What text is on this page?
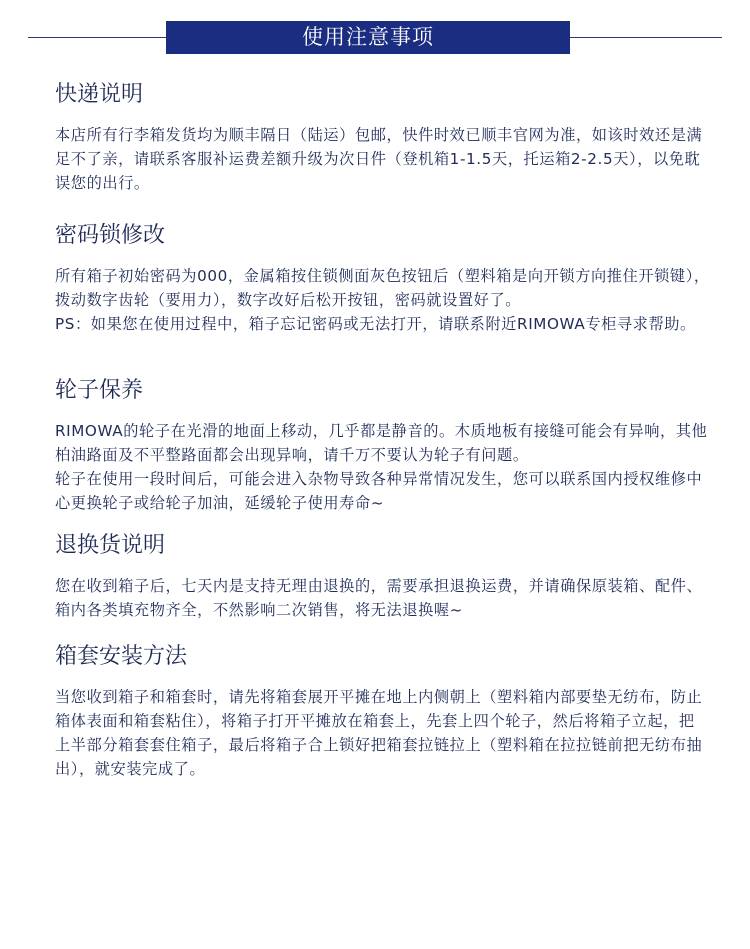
使用注意事项
快递说明

本店所有行李箱发货均为顺丰隔日（陆运）包邮，快件时效已顺丰官网为准，如该时效还是满足不了亲，请联系客服补运费差额升级为次日件（登机箱1-1.5天，托运箱2-2.5天），以免耽误您的出行。

密码锁修改

所有箱子初始密码为000，金属箱按住锁侧面灰色按钮后（塑料箱是向开锁方向推住开锁键），拨动数字齿轮（要用力），数字改好后松开按钮，密码就设置好了。

PS：如果您在使用过程中，箱子忘记密码或无法打开，请联系附近RIMOWA专柜寻求帮助。

轮子保养

RIMOWA的轮子在光滑的地面上移动，几乎都是静音的。木质地板有接缝可能会有异响，其他柏油路面及不平整路面都会出现异响，请千万不要认为轮子有问题。

轮子在使用一段时间后，可能会进入杂物导致各种异常情况发生，您可以联系国内授权维修中心更换轮子或给轮子加油，延缓轮子使用寿命~

退换货说明

您在收到箱子后，七天内是支持无理由退换的，需要承担退换运费，并请确保原装箱、配件、箱内各类填充物齐全，不然影响二次销售，将无法退换喔~

箱套安装方法

当您收到箱子和箱套时，请先将箱套展开平摊在地上内侧朝上（塑料箱内部要垫无纺布，防止箱体表面和箱套粘住），将箱子打开平摊放在箱套上，先套上四个轮子，然后将箱子立起，把上半部分箱套套住箱子，最后将箱子合上锁好把箱套拉链拉上（塑料箱在拉拉链前把无纺布抽出），就安装完成了。
